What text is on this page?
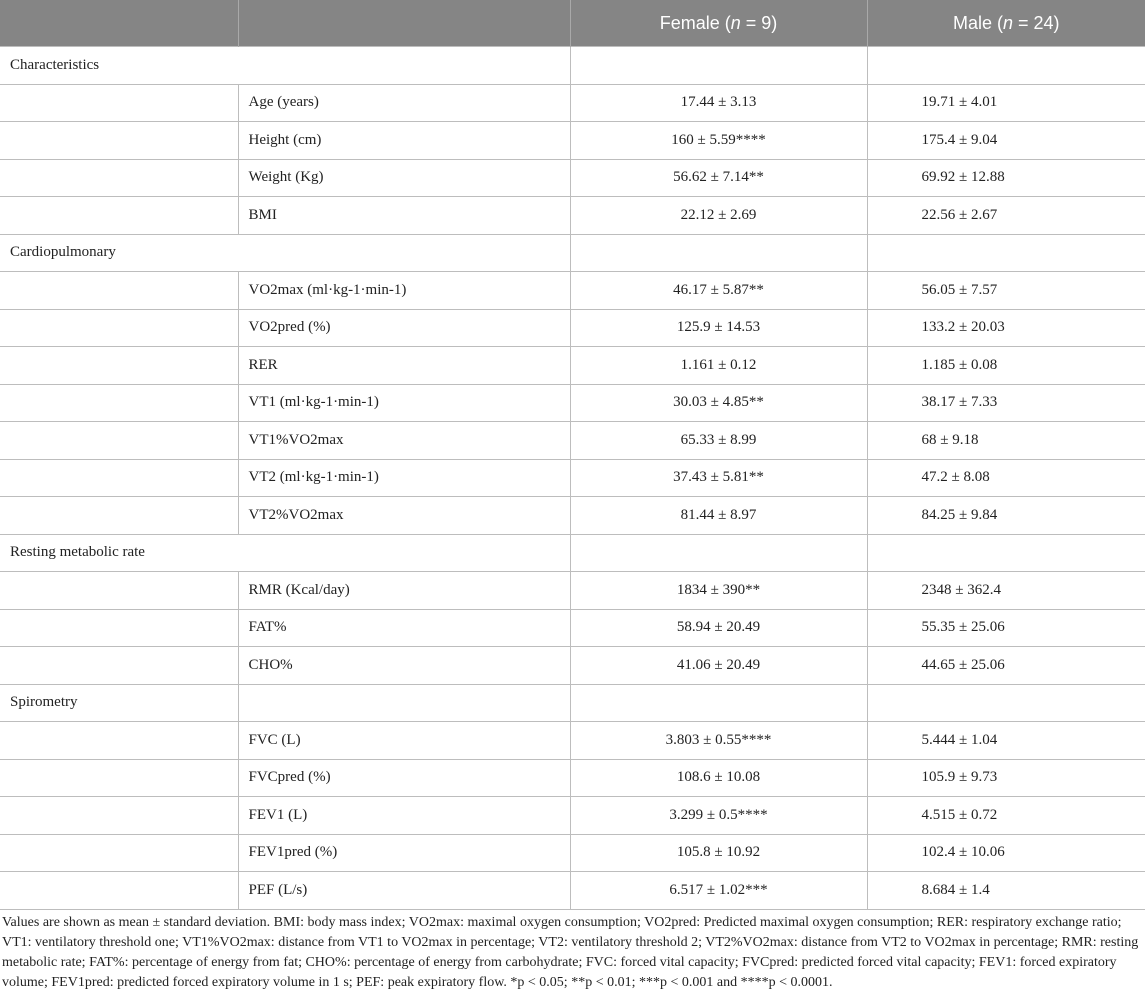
		Female (n = 9)	Male (n = 24)
Characteristics			
	Age (years)	17.44 ± 3.13	19.71 ± 4.01
	Height (cm)	160 ± 5.59****	175.4 ± 9.04
	Weight (Kg)	56.62 ± 7.14**	69.92 ± 12.88
	BMI	22.12 ± 2.69	22.56 ± 2.67
Cardiopulmonary			
	VO2max (ml·kg-1·min-1)	46.17 ± 5.87**	56.05 ± 7.57
	VO2pred (%)	125.9 ± 14.53	133.2 ± 20.03
	RER	1.161 ± 0.12	1.185 ± 0.08
	VT1 (ml·kg-1·min-1)	30.03 ± 4.85**	38.17 ± 7.33
	VT1%VO2max	65.33 ± 8.99	68 ± 9.18
	VT2 (ml·kg-1·min-1)	37.43 ± 5.81**	47.2 ± 8.08
	VT2%VO2max	81.44 ± 8.97	84.25 ± 9.84
Resting metabolic rate			
	RMR (Kcal/day)	1834 ± 390**	2348 ± 362.4
	FAT%	58.94 ± 20.49	55.35 ± 25.06
	CHO%	41.06 ± 20.49	44.65 ± 25.06
Spirometry			
	FVC (L)	3.803 ± 0.55****	5.444 ± 1.04
	FVCpred (%)	108.6 ± 10.08	105.9 ± 9.73
	FEV1 (L)	3.299 ± 0.5****	4.515 ± 0.72
	FEV1pred (%)	105.8 ± 10.92	102.4 ± 10.06
	PEF (L/s)	6.517 ± 1.02***	8.684 ± 1.4
Values are shown as mean ± standard deviation. BMI: body mass index; VO2max: maximal oxygen consumption; VO2pred: Predicted maximal oxygen consumption; RER: respiratory exchange ratio; VT1: ventilatory threshold one; VT1%VO2max: distance from VT1 to VO2max in percentage; VT2: ventilatory threshold 2; VT2%VO2max: distance from VT2 to VO2max in percentage; RMR: resting metabolic rate; FAT%: percentage of energy from fat; CHO%: percentage of energy from carbohydrate; FVC: forced vital capacity; FVCpred: predicted forced vital capacity; FEV1: forced expiratory volume; FEV1pred: predicted forced expiratory volume in 1 s; PEF: peak expiratory flow. *p < 0.05; **p < 0.01; ***p < 0.001 and ****p < 0.0001.
